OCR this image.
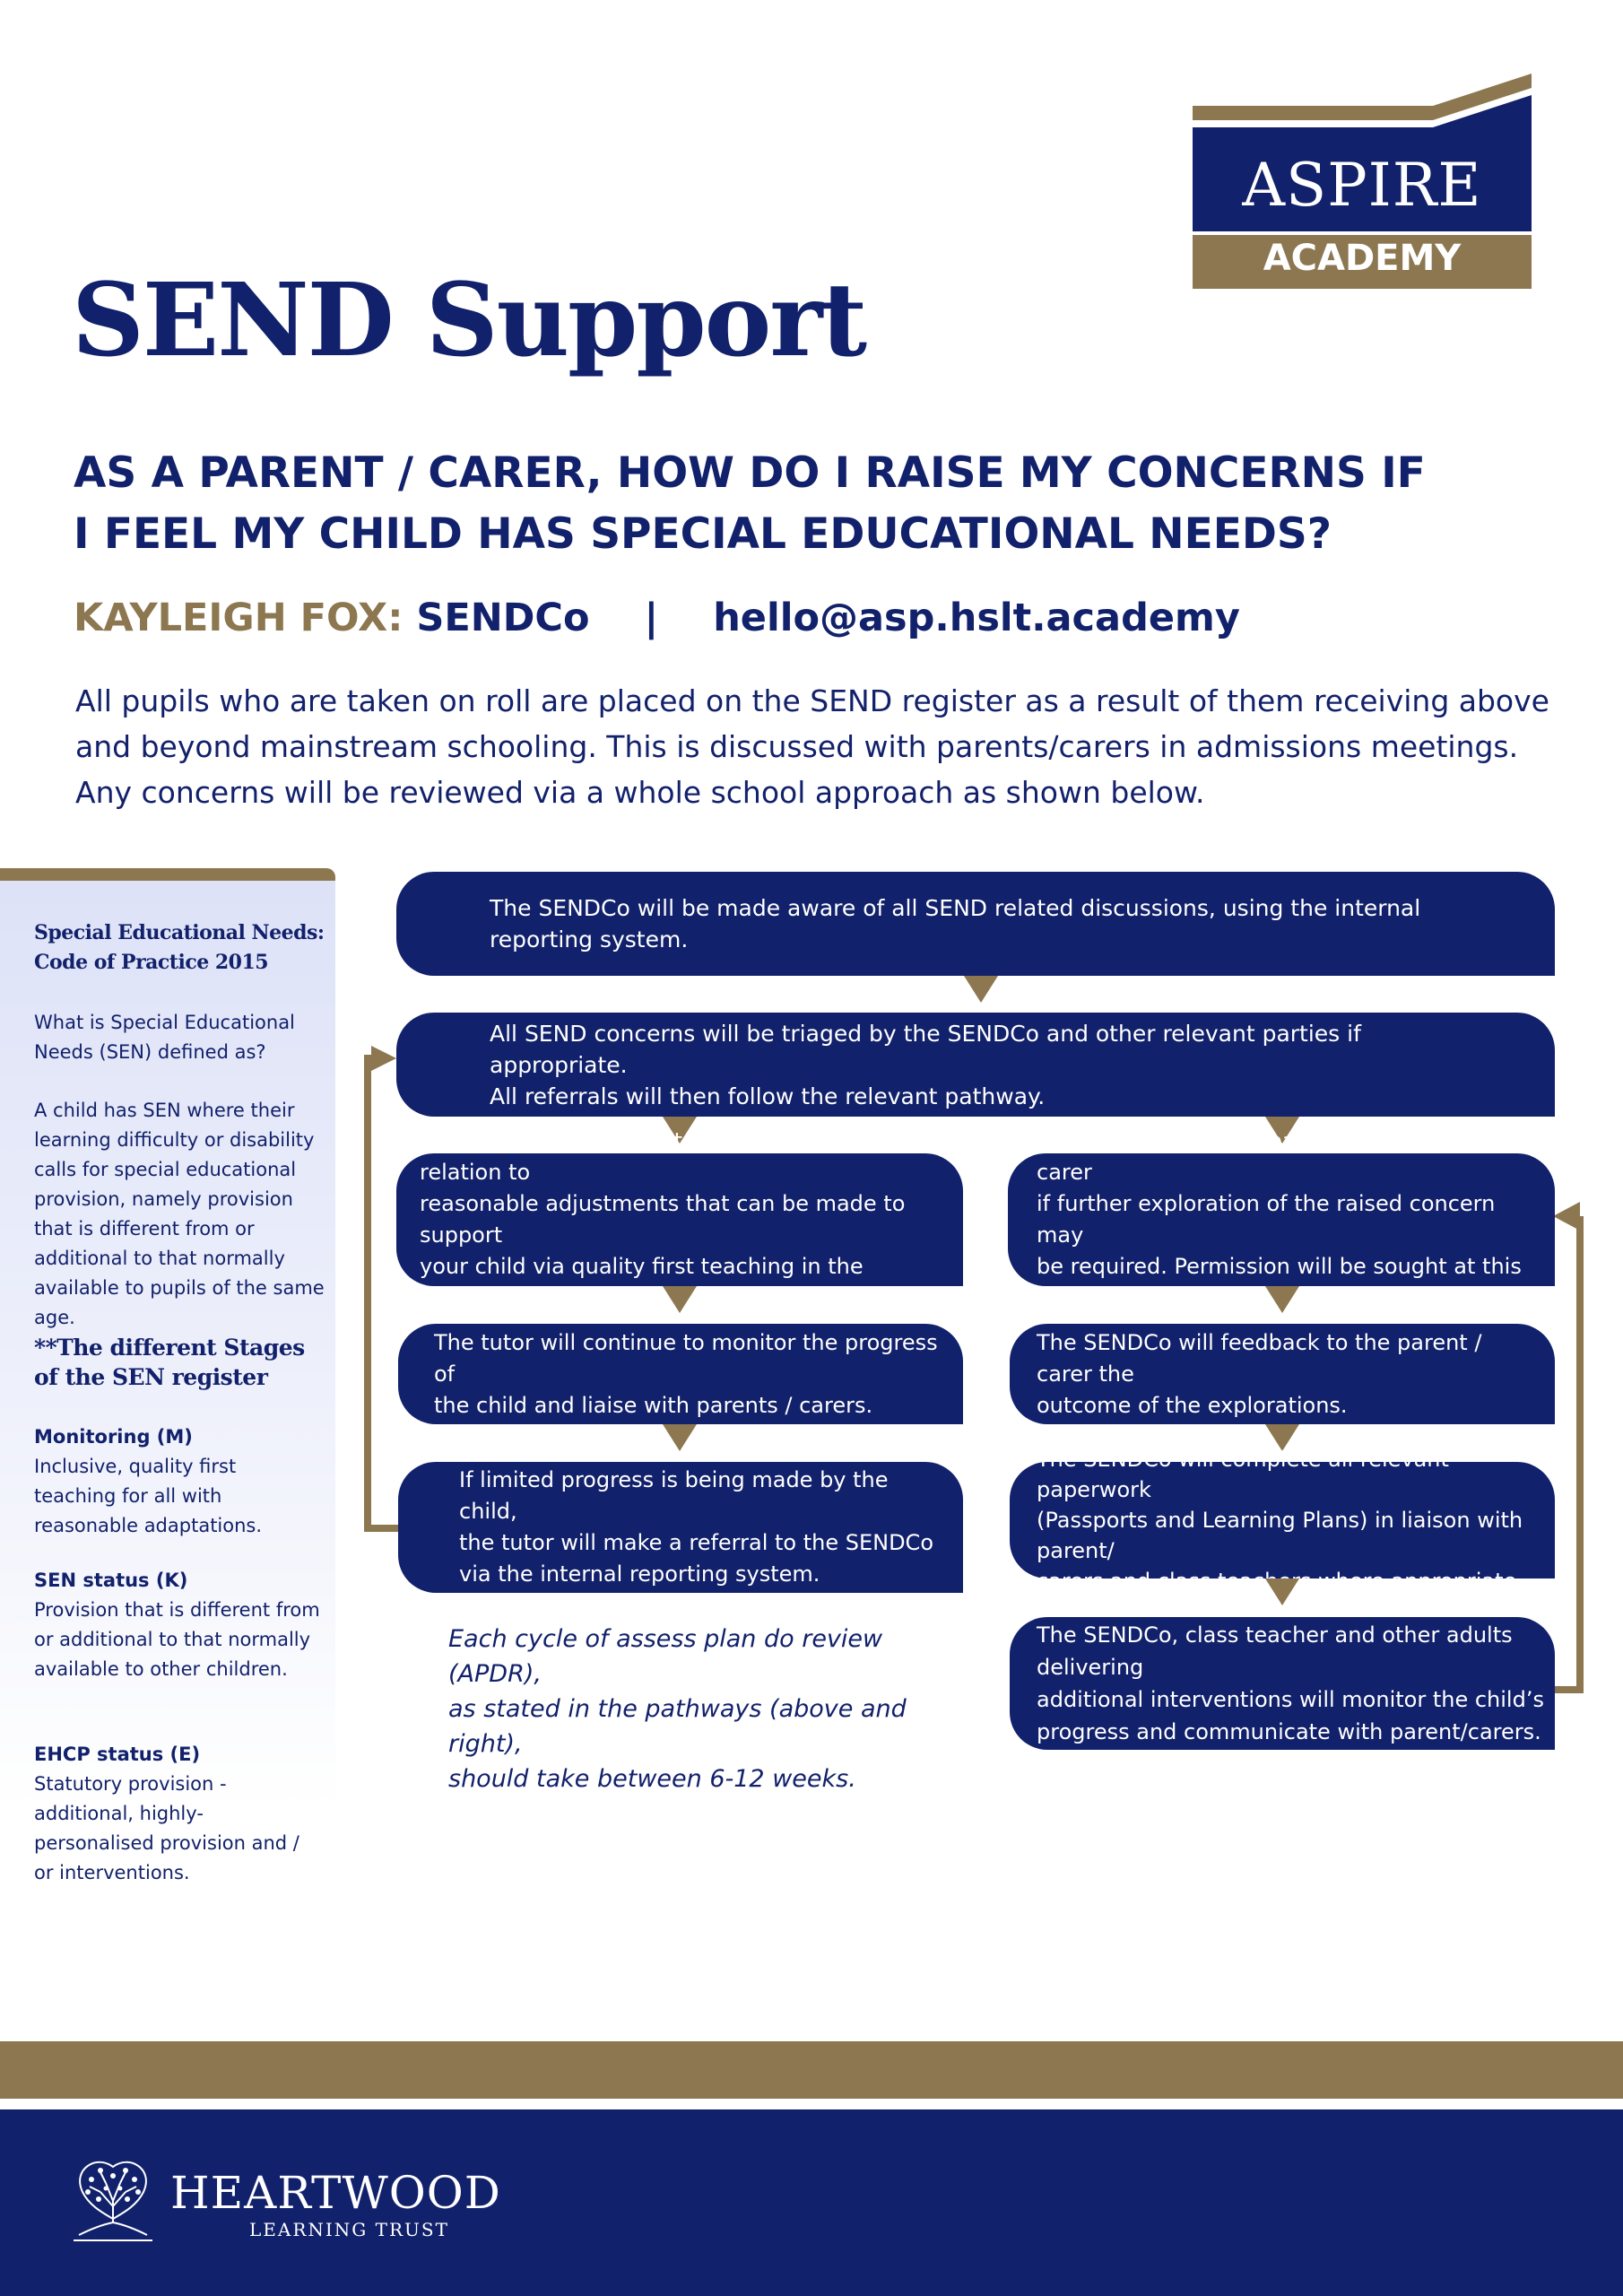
ASPIRE
ACADEMY
SEND Support
AS A PARENT / CARER, HOW DO I RAISE MY CONCERNS IF
I FEEL MY CHILD HAS SPECIAL EDUCATIONAL NEEDS?
KAYLEIGH FOX: SENDCo | hello@asp.hslt.academy
All pupils who are taken on roll are placed on the SEND register as a result of them receiving above
and beyond mainstream schooling. This is discussed with parents/carers in admissions meetings.
Any concerns will be reviewed via a whole school approach as shown below.
Special Educational Needs:
Code of Practice 2015
What is Special Educational Needs (SEN) defined as?
A child has SEN where their learning difficulty or disability calls for special educational provision, namely provision that is different from or additional to that normally available to pupils of the same age.
**The different Stages
of the SEN register
Monitoring (M)
Inclusive, quality first teaching for all with reasonable adaptations.
SEN status (K)
Provision that is different from or additional to that normally available to other children.
EHCP status (E)
Statutory provision - additional, highly-personalised provision and / or interventions.
The SENDCo will be made aware of all SEND related discussions, using the internal
reporting system.
All SEND concerns will be triaged by the SENDCo and other relevant parties if appropriate.
All referrals will then follow the relevant pathway.
The tutor will feedback to parent/carer in relation to
reasonable adjustments that can be made to support
your child via quality first teaching in the classroom.
The tutor will continue to monitor the progress of
the child and liaise with parents / carers.
If limited progress is being made by the child,
the tutor will make a referral to the SENDCo
via the internal reporting system.
Each cycle of assess plan do review (APDR),
as stated in the pathways (above and right),
should take between 6-12 weeks.
The SENDCo will feedback to the parent / carer
if further exploration of the raised concern may
be required. Permission will be sought at this stage.
The SENDCo will feedback to the parent / carer the
outcome of the explorations.
The SENDCo will complete all relevant paperwork
(Passports and Learning Plans) in liaison with parent/
carers and class teachers where appropriate.
The SENDCo, class teacher and other adults delivering
additional interventions will monitor the child’s
progress and communicate with parent/carers.
HEARTWOOD
LEARNING TRUST
